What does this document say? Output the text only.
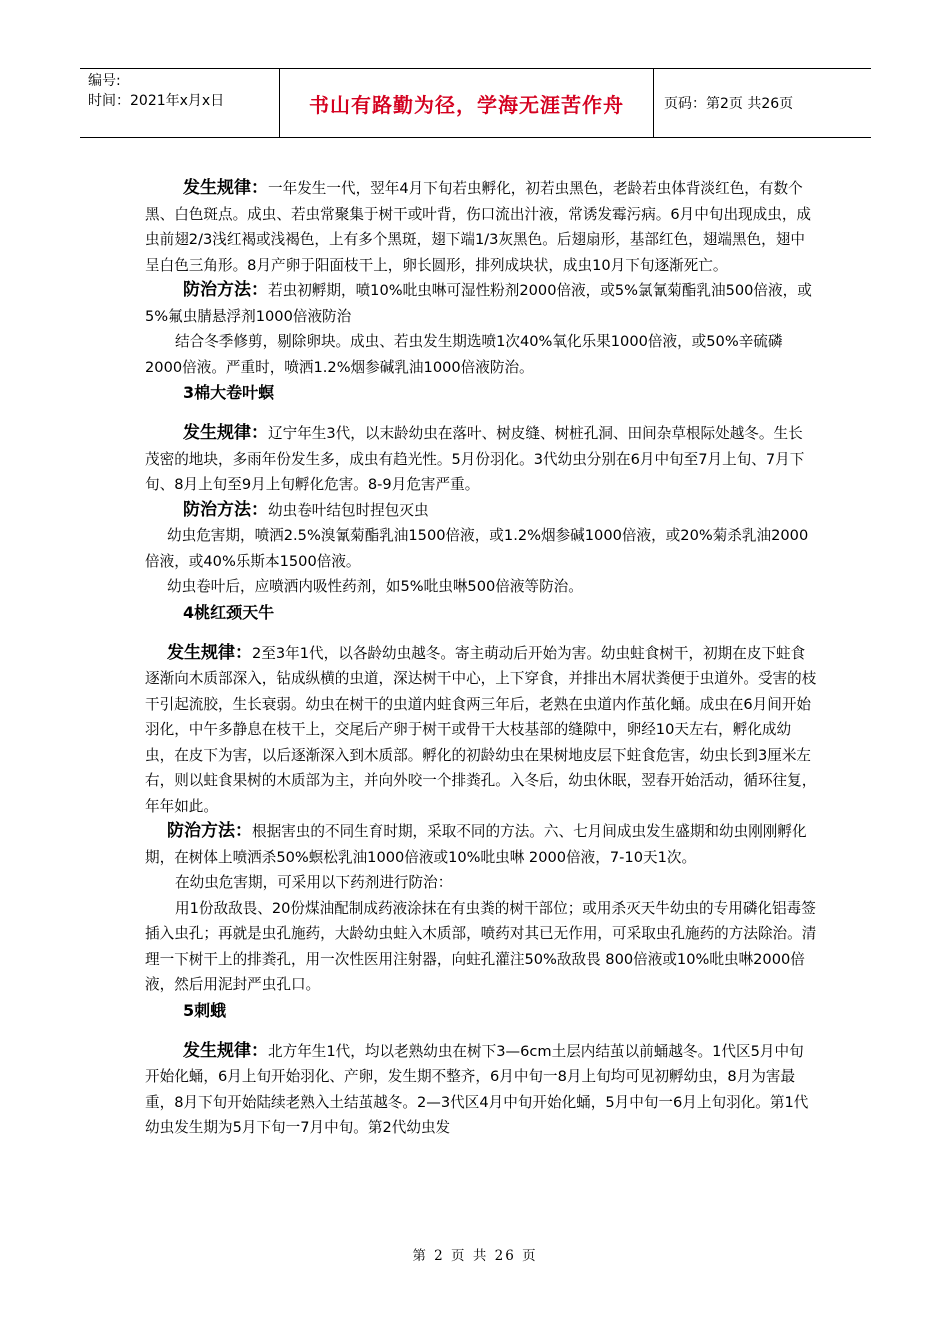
编号:
时间：2021年x月x日	书山有路勤为径，学海无涯苦作舟	页码：第2页 共26页

发生规律：一年发生一代，翌年4月下旬若虫孵化，初若虫黑色，老龄若虫体背淡红色，有数个黑、白色斑点。成虫、若虫常聚集于树干或叶背，伤口流出汁液，常诱发霉污病。6月中旬出现成虫，成虫前翅2/3浅红褐或浅褐色，上有多个黑斑，翅下端1/3灰黑色。后翅扇形，基部红色，翅端黑色，翅中呈白色三角形。8月产卵于阳面枝干上，卵长圆形，排列成块状，成虫10月下旬逐渐死亡。

防治方法：若虫初孵期，喷10%吡虫啉可湿性粉剂2000倍液，或5%氯氰菊酯乳油500倍液，或5%氟虫腈悬浮剂1000倍液防治

结合冬季修剪，剔除卵块。成虫、若虫发生期选喷1次40%氧化乐果1000倍液，或50%辛硫磷2000倍液。严重时，喷洒1.2%烟参碱乳油1000倍液防治。

3棉大卷叶螟

发生规律：辽宁年生3代，以末龄幼虫在落叶、树皮缝、树桩孔洞、田间杂草根际处越冬。生长茂密的地块，多雨年份发生多，成虫有趋光性。5月份羽化。3代幼虫分别在6月中旬至7月上旬、7月下旬、8月上旬至9月上旬孵化危害。8-9月危害严重。

防治方法：幼虫卷叶结包时捏包灭虫

幼虫危害期，喷洒2.5%溴氰菊酯乳油1500倍液，或1.2%烟参碱1000倍液，或20%菊杀乳油2000倍液，或40%乐斯本1500倍液。

幼虫卷叶后，应喷洒内吸性药剂，如5%吡虫啉500倍液等防治。

4桃红颈天牛

发生规律：2至3年1代，以各龄幼虫越冬。寄主萌动后开始为害。幼虫蛀食树干，初期在皮下蛀食逐渐向木质部深入，钻成纵横的虫道，深达树干中心，上下穿食，并排出木屑状粪便于虫道外。受害的枝干引起流胶，生长衰弱。幼虫在树干的虫道内蛀食两三年后，老熟在虫道内作茧化蛹。成虫在6月间开始羽化，中午多静息在枝干上，交尾后产卵于树干或骨干大枝基部的缝隙中，卵经10天左右，孵化成幼虫，在皮下为害，以后逐渐深入到木质部。孵化的初龄幼虫在果树地皮层下蛀食危害，幼虫长到3厘米左右，则以蛀食果树的木质部为主，并向外咬一个排粪孔。入冬后，幼虫休眠，翌春开始活动，循环往复，年年如此。

防治方法：根据害虫的不同生育时期，采取不同的方法。六、七月间成虫发生盛期和幼虫刚刚孵化期，在树体上喷洒杀50%螟松乳油1000倍液或10%吡虫啉 2000倍液，7-10天1次。

在幼虫危害期，可采用以下药剂进行防治：

用1份敌敌畏、20份煤油配制成药液涂抹在有虫粪的树干部位；或用杀灭天牛幼虫的专用磷化铝毒签插入虫孔；再就是虫孔施药，大龄幼虫蛀入木质部，喷药对其已无作用，可采取虫孔施药的方法除治。清理一下树干上的排粪孔，用一次性医用注射器，向蛀孔灌注50%敌敌畏 800倍液或10%吡虫啉2000倍液，然后用泥封严虫孔口。

5刺蛾

发生规律：北方年生1代，均以老熟幼虫在树下3—6cm土层内结茧以前蛹越冬。1代区5月中旬开始化蛹，6月上旬开始羽化、产卵，发生期不整齐，6月中旬一8月上旬均可见初孵幼虫，8月为害最重，8月下旬开始陆续老熟入土结茧越冬。2—3代区4月中旬开始化蛹，5月中旬一6月上旬羽化。第1代幼虫发生期为5月下旬一7月中旬。第2代幼虫发

第 2 页 共 26 页
